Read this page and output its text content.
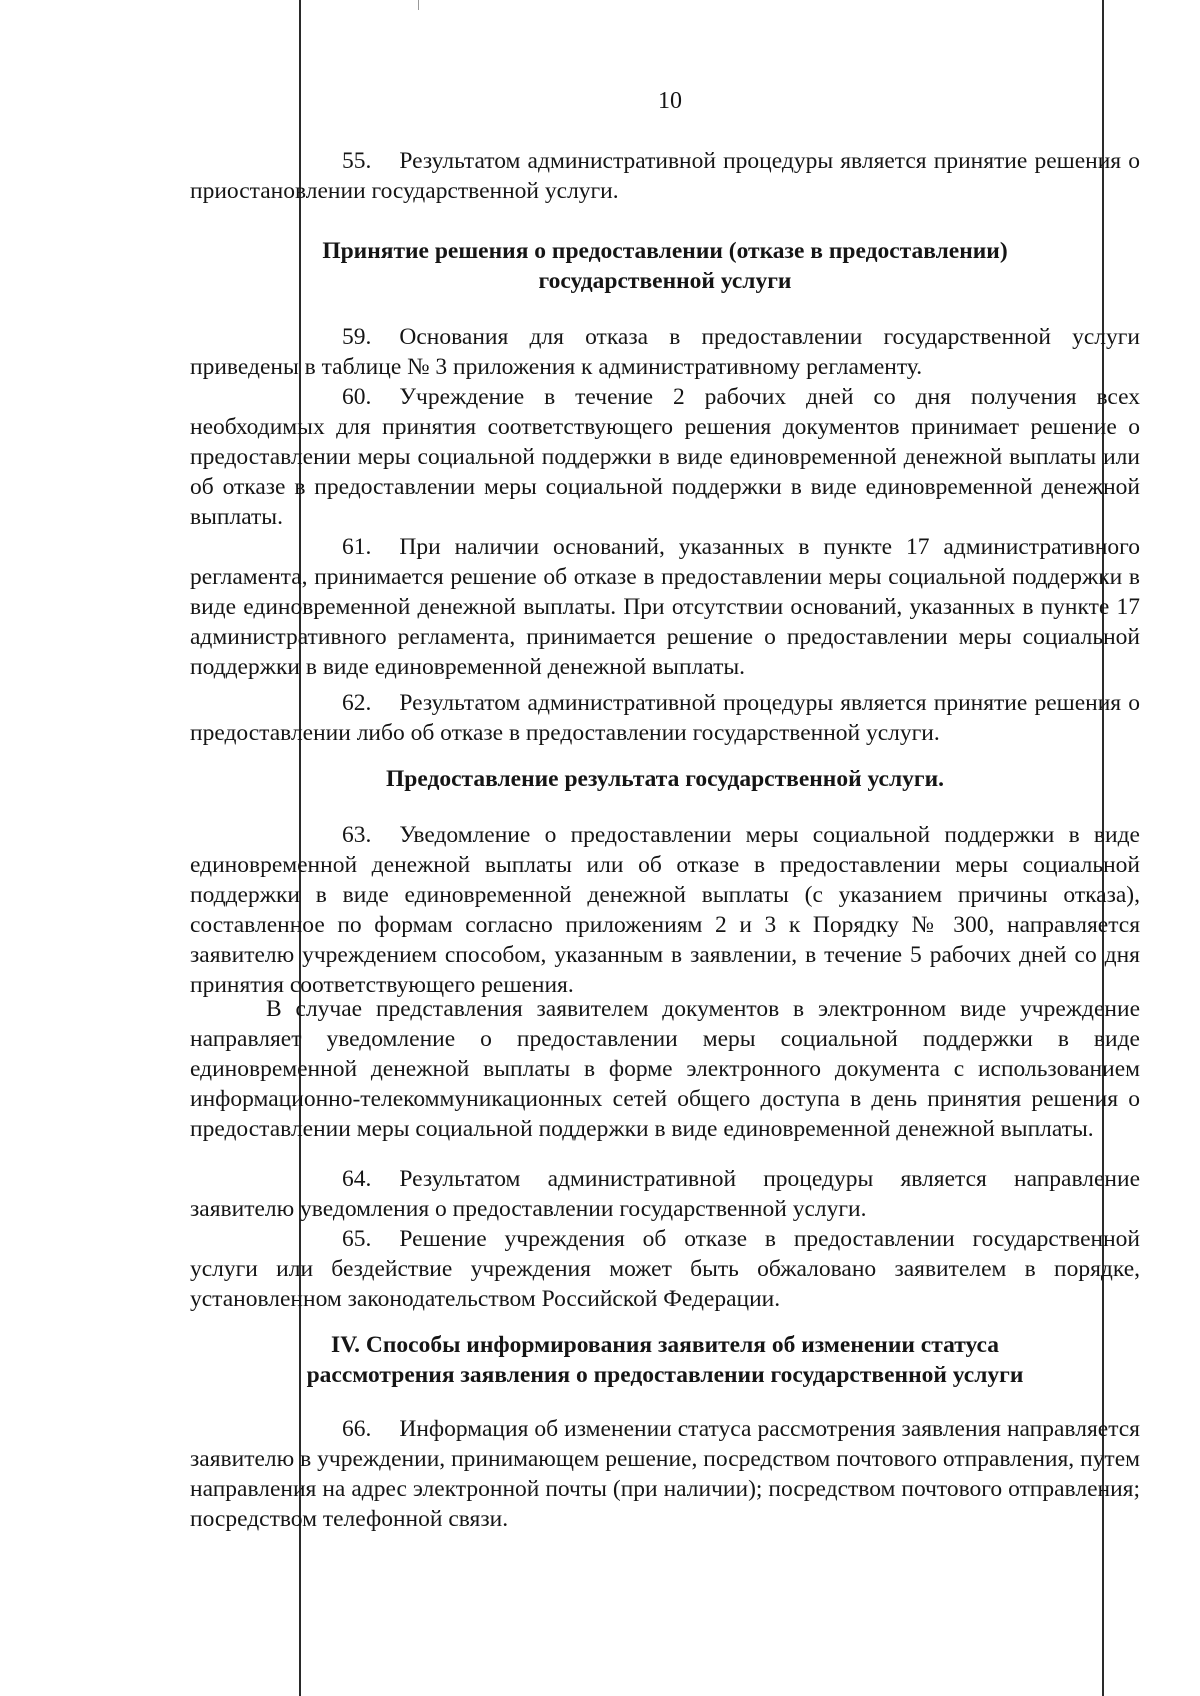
10

55. Результатом административной процедуры является принятие решения о приостановлении государственной услуги.

Принятие решения о предоставлении (отказе в предоставлении)
государственной услуги

59. Основания для отказа в предоставлении государственной услуги приведены в таблице № 3 приложения к административному регламенту.

60. Учреждение в течение 2 рабочих дней со дня получения всех необходимых для принятия соответствующего решения документов принимает решение о предоставлении меры социальной поддержки в виде единовременной денежной выплаты или об отказе в предоставлении меры социальной поддержки в виде единовременной денежной выплаты.

61. При наличии оснований, указанных в пункте 17 административного регламента, принимается решение об отказе в предоставлении меры социальной поддержки в виде единовременной денежной выплаты. При отсутствии оснований, указанных в пункте 17 административного регламента, принимается решение о предоставлении меры социальной поддержки в виде единовременной денежной выплаты.

62. Результатом административной процедуры является принятие решения о предоставлении либо об отказе в предоставлении государственной услуги.

Предоставление результата государственной услуги.

63. Уведомление о предоставлении меры социальной поддержки в виде единовременной денежной выплаты или об отказе в предоставлении меры социальной поддержки в виде единовременной денежной выплаты (с указанием причины отказа), составленное по формам согласно приложениям 2 и 3 к Порядку № 300, направляется заявителю учреждением способом, указанным в заявлении, в течение 5 рабочих дней со дня принятия соответствующего решения.

В случае представления заявителем документов в электронном виде учреждение направляет уведомление о предоставлении меры социальной поддержки в виде единовременной денежной выплаты в форме электронного документа с использованием информационно-телекоммуникационных сетей общего доступа в день принятия решения о предоставлении меры социальной поддержки в виде единовременной денежной выплаты.

64. Результатом административной процедуры является направление заявителю уведомления о предоставлении государственной услуги.

65. Решение учреждения об отказе в предоставлении государственной услуги или бездействие учреждения может быть обжаловано заявителем в порядке, установленном законодательством Российской Федерации.

IV. Способы информирования заявителя об изменении статуса
рассмотрения заявления о предоставлении государственной услуги

66. Информация об изменении статуса рассмотрения заявления направляется заявителю в учреждении, принимающем решение, посредством почтового отправления, путем направления на адрес электронной почты (при наличии); посредством почтового отправления; посредством телефонной связи.
